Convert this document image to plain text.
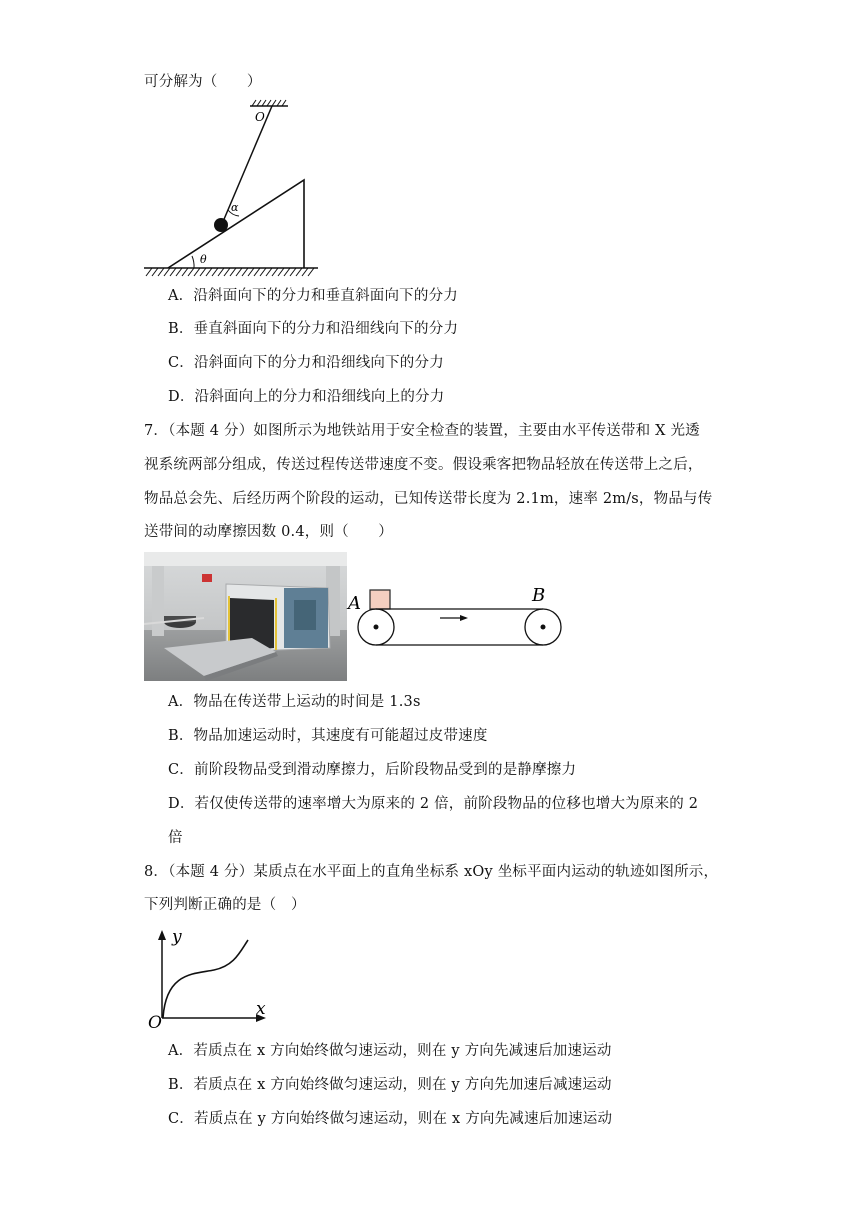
可分解为（　　）
O
α
θ
A．沿斜面向下的分力和垂直斜面向下的分力
B．垂直斜面向下的分力和沿细线向下的分力
C．沿斜面向下的分力和沿细线向下的分力
D．沿斜面向上的分力和沿细线向上的分力
7．（本题 4 分）如图所示为地铁站用于安全检查的装置，主要由水平传送带和 X 光透
视系统两部分组成，传送过程传送带速度不变。假设乘客把物品轻放在传送带上之后，
物品总会先、后经历两个阶段的运动，已知传送带长度为 2.1m，速率 2m/s，物品与传
送带间的动摩擦因数 0.4，则（　　）
A	B
A．物品在传送带上运动的时间是 1.3s
B．物品加速运动时，其速度有可能超过皮带速度
C．前阶段物品受到滑动摩擦力，后阶段物品受到的是静摩擦力
D．若仅使传送带的速率增大为原来的 2 倍，前阶段物品的位移也增大为原来的 2
倍
8．（本题 4 分）某质点在水平面上的直角坐标系 xOy 坐标平面内运动的轨迹如图所示，
下列判断正确的是（　）
O
x
y
A．若质点在 x 方向始终做匀速运动，则在 y 方向先减速后加速运动
B．若质点在 x 方向始终做匀速运动，则在 y 方向先加速后减速运动
C．若质点在 y 方向始终做匀速运动，则在 x 方向先减速后加速运动
